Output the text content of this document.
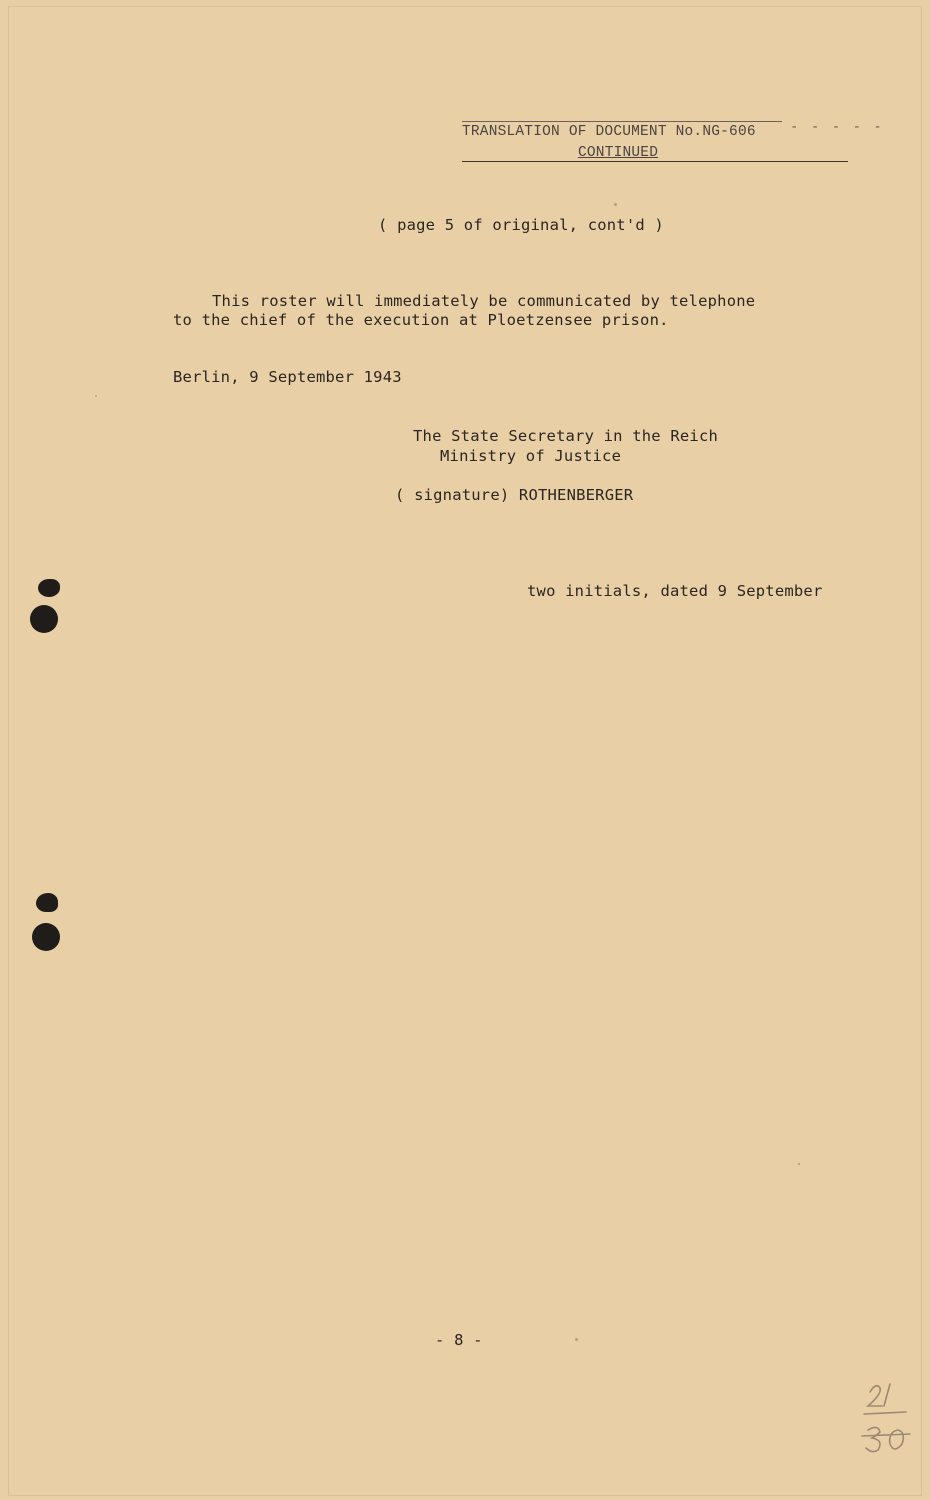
TRANSLATION OF DOCUMENT No.NG-606 - - - - -
CONTINUED
( page 5 of original, cont'd )
This roster will immediately be communicated by telephone
to the chief of the execution at Ploetzensee prison.
Berlin, 9 September 1943
The State Secretary in the Reich
Ministry of Justice
( signature) ROTHENBERGER
two initials, dated 9 September
- 8 -
